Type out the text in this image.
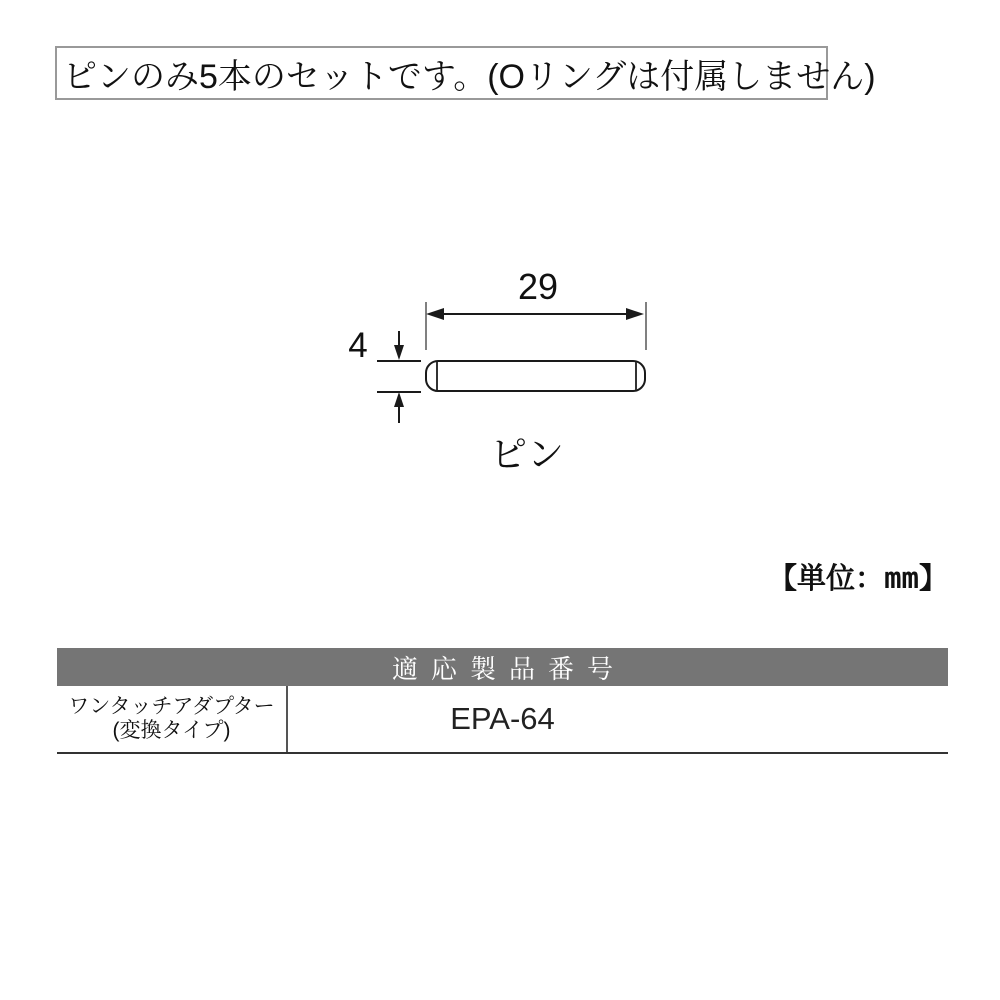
ピンのみ5本のセットです。(Oリングは付属しません)
29
4
ピン
【単位：mm】
適応製品番号
ワンタッチアダプター
(変換タイプ)	EPA-64
